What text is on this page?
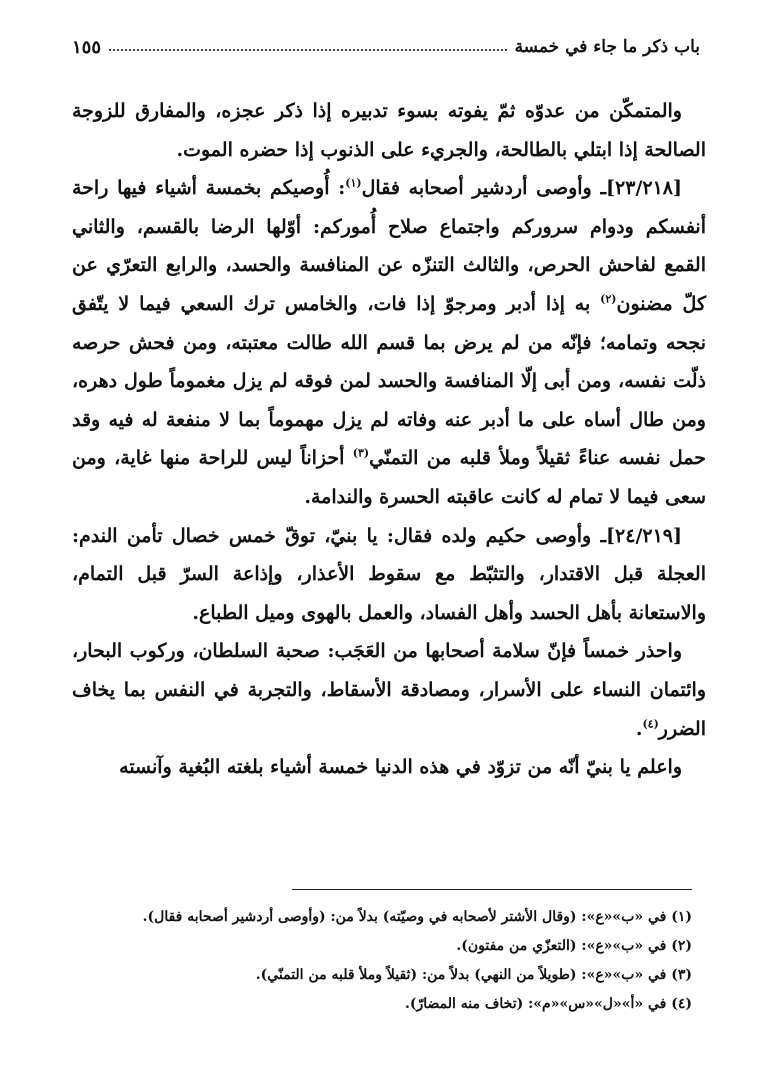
باب ذكر ما جاء في خمسة
١٥٥

والمتمكّن من عدوّه ثمّ يفوته بسوء تدبيره إذا ذكر عجزه، والمفارق للزوجة الصالحة إذا ابتلي بالطالحة، والجريء على الذنوب إذا حضره الموت.

[٢٣/٢١٨]ـ وأوصى أردشير أصحابه فقال$^{(١)}$: أُوصيكم بخمسة أشياء فيها راحة أنفسكم ودوام سروركم واجتماع صلاح أُموركم: أوّلها الرضا بالقسم، والثاني القمع لفاحش الحرص، والثالث التنزّه عن المنافسة والحسد، والرابع التعرّي عن كلّ مضنون$^{(٢)}$ به إذا أدبر ومرجوّ إذا فات، والخامس ترك السعي فيما لا يتّفق نجحه وتمامه؛ فإنّه من لم يرض بما قسم الله طالت معتبته، ومن فحش حرصه ذلّت نفسه، ومن أبى إلّا المنافسة والحسد لمن فوقه لم يزل مغموماً طول دهره، ومن طال أساه على ما أدبر عنه وفاته لم يزل مهموماً بما لا منفعة له فيه وقد حمل نفسه عناءً ثقيلاً وملأ قلبه من التمنّي$^{(٣)}$ أحزاناً ليس للراحة منها غاية، ومن سعى فيما لا تمام له كانت عاقبته الحسرة والندامة.

[٢٤/٢١٩]ـ وأوصى حكيم ولده فقال: يا بنيّ، توقّ خمس خصال تأمن الندم: العجلة قبل الاقتدار، والتثبّط مع سقوط الأعذار، وإذاعة السرّ قبل التمام، والاستعانة بأهل الحسد وأهل الفساد، والعمل بالهوى وميل الطباع.

واحذر خمساً فإنّ سلامة أصحابها من العَجَب: صحبة السلطان، وركوب البحار، وائتمان النساء على الأسرار، ومصادقة الأسقاط، والتجربة في النفس بما يخاف الضرر$^{(٤)}$.

واعلم يا بنيّ أنّه من تزوّد في هذه الدنيا خمسة أشياء بلغته البُغية وآنسته

(١) في «ب»«ع»: (وقال الأشتر لأصحابه في وصيّته) بدلاً من: (وأوصى أردشير أصحابه فقال).

(٢) في «ب»«ع»: (التعزّي من مفتون).

(٣) في «ب»«ع»: (طويلاً من النهي) بدلاً من: (ثقيلاً وملأ قلبه من التمنّي).

(٤) في «أ»«ل»«س»«م»: (تخاف منه المضارّ).
